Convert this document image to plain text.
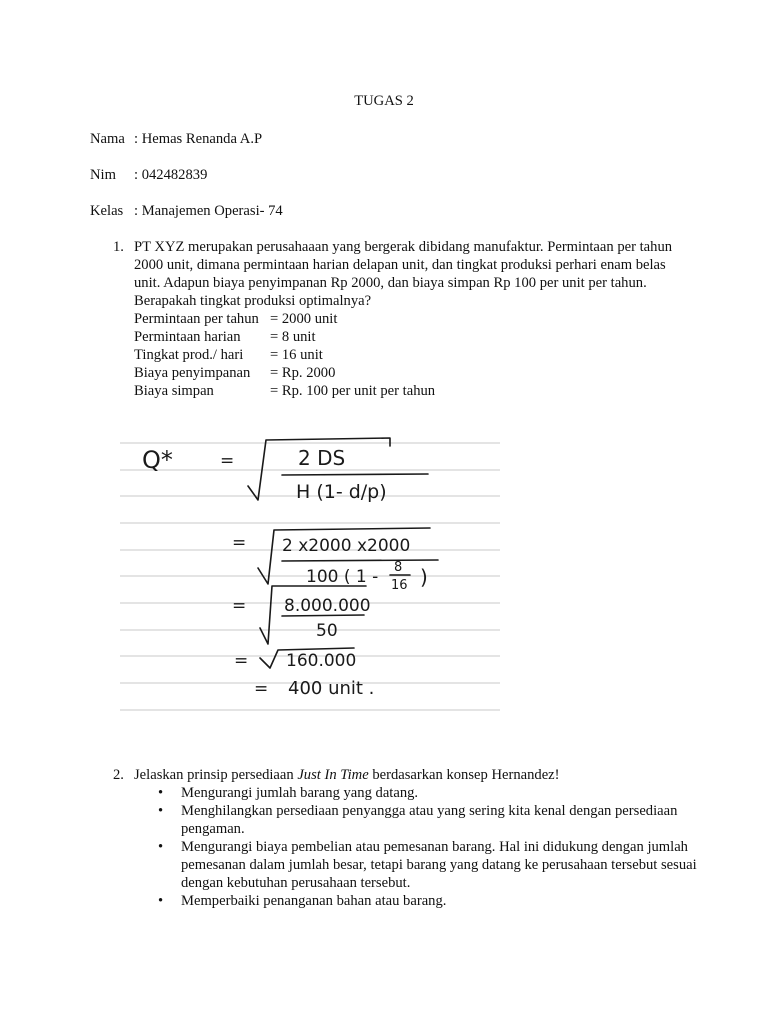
TUGAS 2
Nama : Hemas Renanda A.P
Nim : 042482839
Kelas : Manajemen Operasi- 74
1. PT XYZ merupakan perusahaaan yang bergerak dibidang manufaktur. Permintaan per tahun 2000 unit, dimana permintaan harian delapan unit, dan tingkat produksi perhari enam belas unit. Adapun biaya penyimpanan Rp 2000, dan biaya simpan Rp 100 per unit per tahun. Berapakah tingkat produksi optimalnya?
Permintaan per tahun = 2000 unit
Permintaan harian = 8 unit
Tingkat prod./ hari = 16 unit
Biaya penyimpanan = Rp. 2000
Biaya simpan	= Rp. 100 per unit per tahun
Q*	=	2 DS
H (1- d/p)
= 2 x2000 x2000
100 ( 1 - 8
16 )
= 8.000.000
50
= 160.000
= 400 unit .
2. Jelaskan prinsip persediaan Just In Time berdasarkan konsep Hernandez!
• Mengurangi jumlah barang yang datang.
• Menghilangkan persediaan penyangga atau yang sering kita kenal dengan persediaan pengaman.
• Mengurangi biaya pembelian atau pemesanan barang. Hal ini didukung dengan jumlah pemesanan dalam jumlah besar, tetapi barang yang datang ke perusahaan tersebut sesuai dengan kebutuhan perusahaan tersebut.
• Memperbaiki penanganan bahan atau barang.
